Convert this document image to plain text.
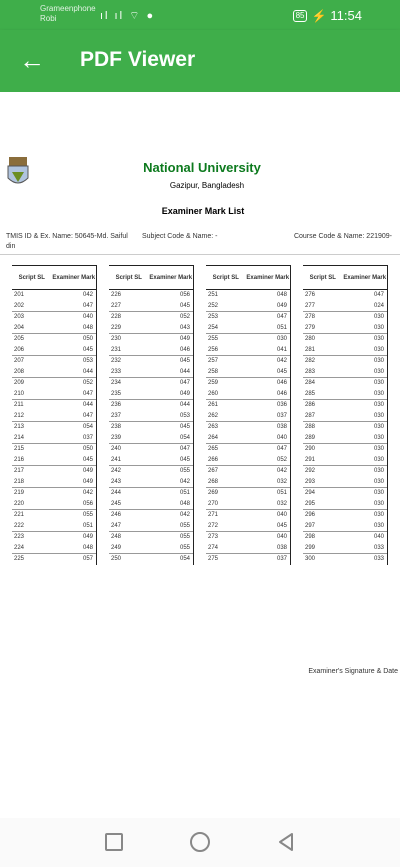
Grameenphone
Robi	ıl ıl ⌔ ●	85 ⚡ 11:54
← PDF Viewer
National University
Gazipur, Bangladesh
Examiner Mark List
TMIS ID & Ex. Name: 50645-Md. Saiful din
Subject Code & Name: -	Course Code & Name: 221909-
Script SL	Examiner Mark
201	042
202	047
203	040
204	048
205	050
206	045
207	053
208	044
209	052
210	047
211	044
212	047
213	054
214	037
215	050
216	045
217	049
218	049
219	042
220	056
221	055
222	051
223	049
224	048
225	057
Script SL	Examiner Mark
226	056
227	045
228	052
229	043
230	049
231	046
232	045
233	044
234	047
235	049
236	044
237	053
238	045
239	054
240	047
241	045
242	055
243	042
244	051
245	048
246	042
247	055
248	055
249	055
250	054
Script SL	Examiner Mark
251	048
252	049
253	047
254	051
255	030
256	041
257	042
258	045
259	046
260	046
261	036
262	037
263	038
264	040
265	047
266	052
267	042
268	032
269	051
270	032
271	040
272	045
273	040
274	038
275	037
Script SL	Examiner Mark
276	047
277	024
278	030
279	030
280	030
281	030
282	030
283	030
284	030
285	030
286	030
287	030
288	030
289	030
290	030
291	030
292	030
293	030
294	030
295	030
296	030
297	030
298	040
299	033
300	033
Examiner's Signature & Date
